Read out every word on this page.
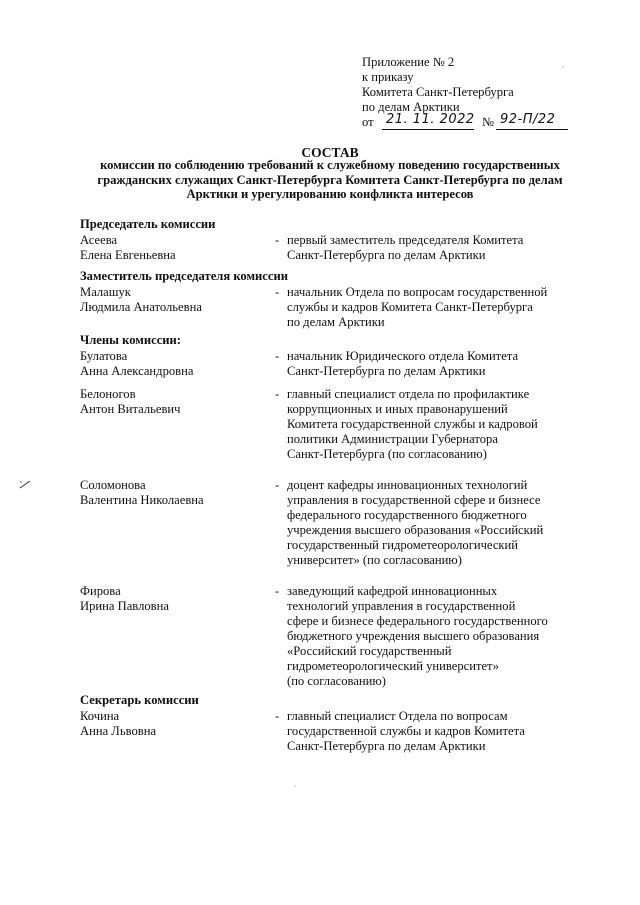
Приложение № 2
к приказу
Комитета Санкт-Петербурга
по делам Арктики
от 21. 11. 2022 № 92-П/22
СОСТАВ
комиссии по соблюдению требований к служебному поведению государственных
гражданских служащих Санкт-Петербурга Комитета Санкт-Петербурга по делам
Арктики и урегулированию конфликта интересов
Председатель комиссии
Асеева
Елена Евгеньевна
- первый заместитель председателя Комитета
Санкт-Петербурга по делам Арктики
Заместитель председателя комиссии
Малашук
Людмила Анатольевна
- начальник Отдела по вопросам государственной
службы и кадров Комитета Санкт-Петербурга
по делам Арктики
Члены комиссии:
Булатова
Анна Александровна
- начальник Юридического отдела Комитета
Санкт-Петербурга по делам Арктики
Белоногов
Антон Витальевич
- главный специалист отдела по профилактике
коррупционных и иных правонарушений
Комитета государственной службы и кадровой
политики Администрации Губернатора
Санкт-Петербурга (по согласованию)
Соломонова
Валентина Николаевна
- доцент кафедры инновационных технологий
управления в государственной сфере и бизнесе
федерального государственного бюджетного
учреждения высшего образования «Российский
государственный гидрометеорологический
университет» (по согласованию)
Фирова
Ирина Павловна
- заведующий кафедрой инновационных
технологий управления в государственной
сфере и бизнесе федерального государственного
бюджетного учреждения высшего образования
«Российский государственный
гидрометеорологический университет»
(по согласованию)
Секретарь комиссии
Кочина
Анна Львовна
- главный специалист Отдела по вопросам
государственной службы и кадров Комитета
Санкт-Петербурга по делам Арктики
